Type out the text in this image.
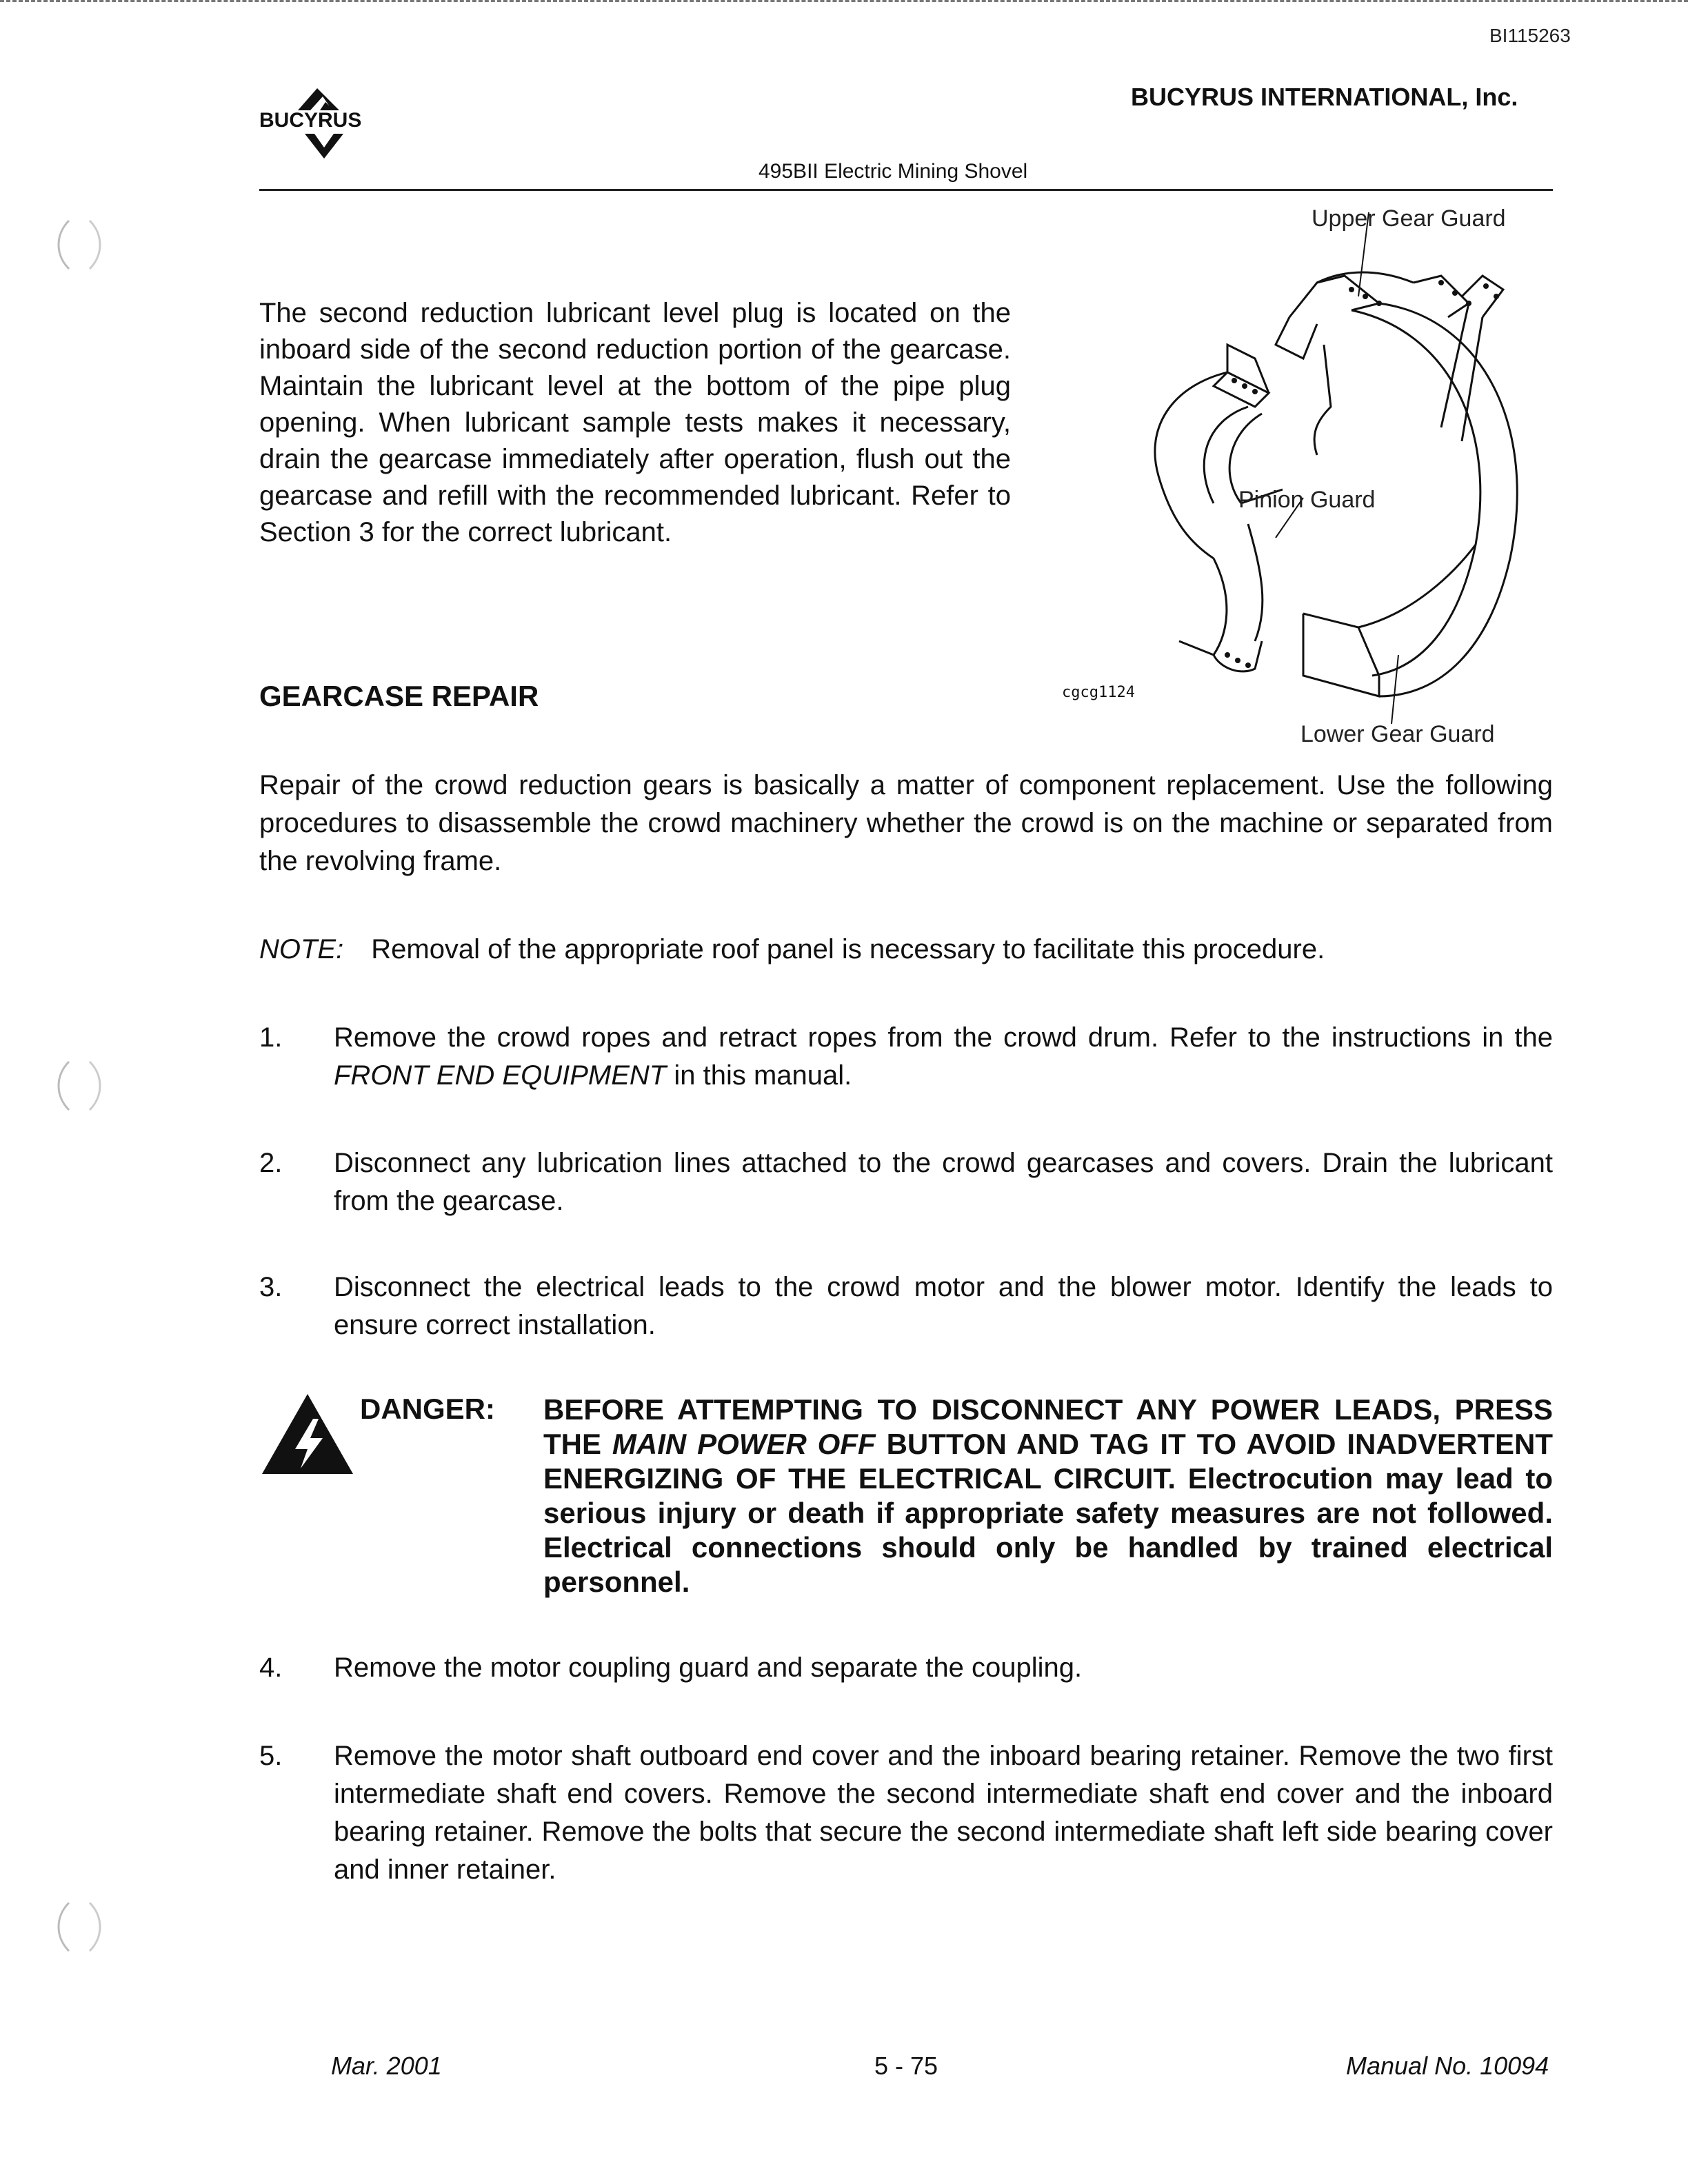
BI115263
BUCYRUS
BUCYRUS INTERNATIONAL, Inc.
495BII Electric Mining Shovel
The second reduction lubricant level plug is located on the inboard side of the second reduction portion of the gearcase. Maintain the lubricant level at the bottom of the pipe plug opening. When lubricant sample tests makes it necessary, drain the gearcase immediately after operation, flush out the gearcase and refill with the recommended lubricant. Refer to Section 3 for the correct lubricant.
Upper Gear Guard
Pinion Guard
Lower Gear Guard
cgcg1124
GEARCASE REPAIR
Repair of the crowd reduction gears is basically a matter of component replacement. Use the following procedures to disassemble the crowd machinery whether the crowd is on the machine or separated from the revolving frame.
NOTE: Removal of the appropriate roof panel is necessary to facilitate this procedure.
1.	Remove the crowd ropes and retract ropes from the crowd drum. Refer to the instructions in the FRONT END EQUIPMENT in this manual.
2.	Disconnect any lubrication lines attached to the crowd gearcases and covers. Drain the lubricant from the gearcase.
3.	Disconnect the electrical leads to the crowd motor and the blower motor. Identify the leads to ensure correct installation.
DANGER: BEFORE ATTEMPTING TO DISCONNECT ANY POWER LEADS, PRESS THE MAIN POWER OFF BUTTON AND TAG IT TO AVOID INADVERTENT ENERGIZING OF THE ELECTRICAL CIRCUIT. Electrocution may lead to serious injury or death if appropriate safety measures are not followed. Electrical connections should only be handled by trained electrical personnel.
4.	Remove the motor coupling guard and separate the coupling.
5.	Remove the motor shaft outboard end cover and the inboard bearing retainer. Remove the two first intermediate shaft end covers. Remove the second intermediate shaft end cover and the inboard bearing retainer. Remove the bolts that secure the second intermediate shaft left side bearing cover and inner retainer.
Mar. 2001	5 - 75	Manual No. 10094
